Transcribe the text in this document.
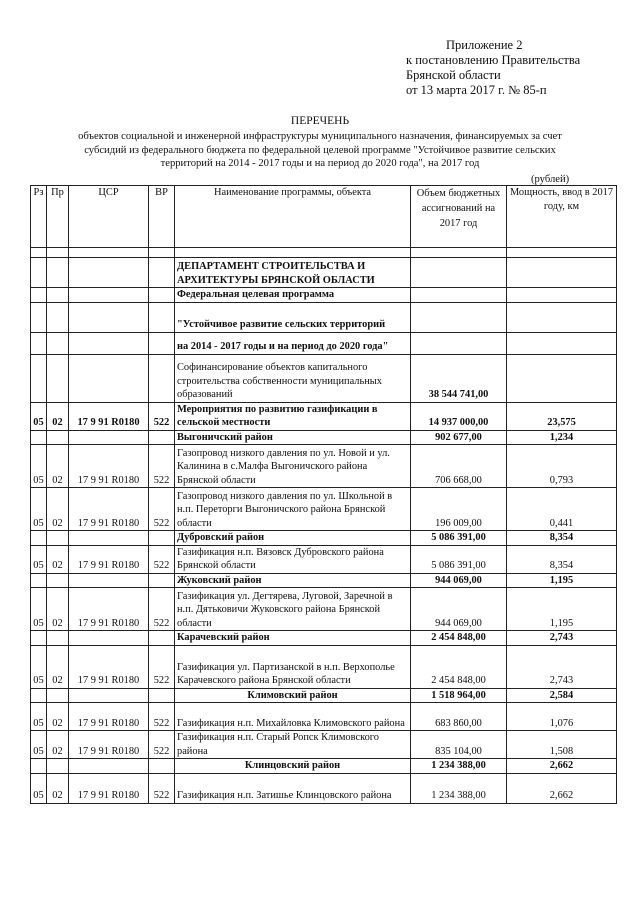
Приложение 2
к постановлению Правительства
Брянской области
от 13 марта 2017 г. № 85-п
ПЕРЕЧЕНЬ
объектов социальной и инженерной инфраструктуры муниципального назначения, финансируемых за счет
субсидий из федерального бюджета по федеральной целевой программе "Устойчивое развитие сельских
территорий на 2014 - 2017 годы и на период до 2020 года", на 2017 год
(рублей)
Рз	Пр	ЦСР	ВР	Наименование программы, объекта	Объем бюджетных ассигнований на 2017 год	Мощность, ввод в 2017 году, км

				ДЕПАРТАМЕНТ СТРОИТЕЛЬСТВА И АРХИТЕКТУРЫ БРЯНСКОЙ ОБЛАСТИ		
				Федеральная целевая программа		
				"Устойчивое развитие сельских территорий		
				на 2014 - 2017 годы и на период до 2020 года"		
				Софинансирование объектов капитального строительства собственности муниципальных образований	38 544 741,00	
05	02	17 9 91 R0180	522	Мероприятия по развитию газификации в сельской местности	14 937 000,00	23,575
				Выгоничский район	902 677,00	1,234
05	02	17 9 91 R0180	522	Газопровод низкого давления по ул. Новой и ул. Калинина в с.Малфа Выгоничского района Брянской области	706 668,00	0,793
05	02	17 9 91 R0180	522	Газопровод низкого давления по ул. Школьной в н.п. Переторги Выгоничского района Брянской области	196 009,00	0,441
				Дубровский район	5 086 391,00	8,354
05	02	17 9 91 R0180	522	Газификация н.п. Вязовск Дубровского района Брянской области	5 086 391,00	8,354
				Жуковский район	944 069,00	1,195
05	02	17 9 91 R0180	522	Газификация ул. Дегтярева, Луговой, Заречной в н.п. Дятьковичи Жуковского района Брянской области	944 069,00	1,195
				Карачевский район	2 454 848,00	2,743
05	02	17 9 91 R0180	522	Газификация ул. Партизанской в н.п. Верхополье Карачевского района Брянской области	2 454 848,00	2,743
				Климовский район	1 518 964,00	2,584
05	02	17 9 91 R0180	522	Газификация н.п. Михайловка Климовского района	683 860,00	1,076
05	02	17 9 91 R0180	522	Газификация н.п. Старый Ропск Климовского района	835 104,00	1,508
				Клинцовский район	1 234 388,00	2,662
05	02	17 9 91 R0180	522	Газификация н.п. Затишье Клинцовского района	1 234 388,00	2,662
